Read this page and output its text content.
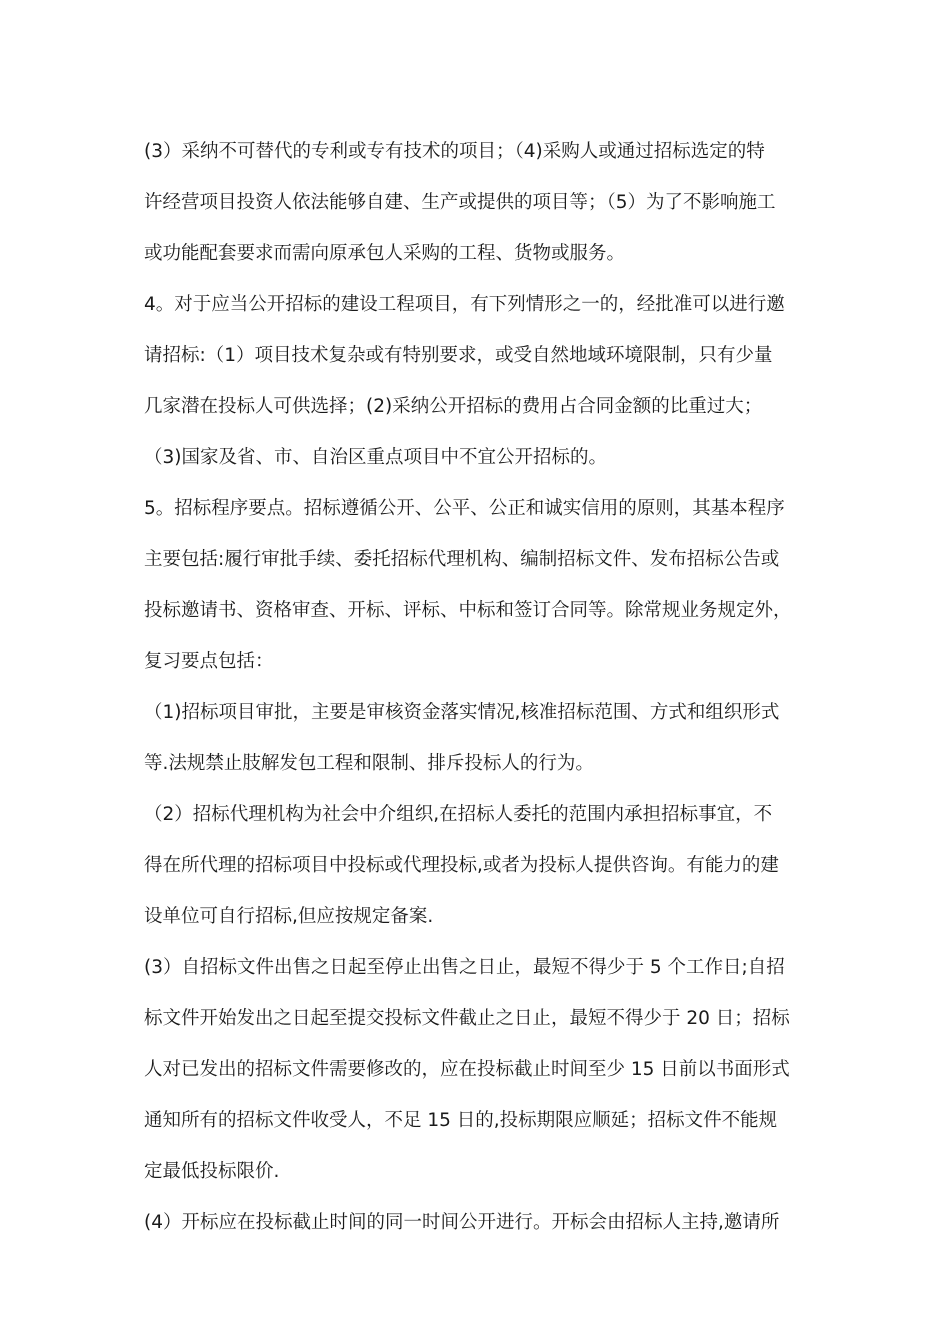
(3）采纳不可替代的专利或专有技术的项目；（4)采购人或通过招标选定的特
许经营项目投资人依法能够自建、生产或提供的项目等；（5）为了不影响施工
或功能配套要求而需向原承包人采购的工程、货物或服务。
4。对于应当公开招标的建设工程项目，有下列情形之一的，经批准可以进行邀
请招标:（1）项目技术复杂或有特别要求，或受自然地域环境限制，只有少量
几家潜在投标人可供选择；(2)采纳公开招标的费用占合同金额的比重过大；
（3)国家及省、市、自治区重点项目中不宜公开招标的。
5。招标程序要点。招标遵循公开、公平、公正和诚实信用的原则，其基本程序
主要包括:履行审批手续、委托招标代理机构、编制招标文件、发布招标公告或
投标邀请书、资格审查、开标、评标、中标和签订合同等。除常规业务规定外，
复习要点包括：
（1)招标项目审批，主要是审核资金落实情况,核准招标范围、方式和组织形式
等.法规禁止肢解发包工程和限制、排斥投标人的行为。
（2）招标代理机构为社会中介组织,在招标人委托的范围内承担招标事宜，不
得在所代理的招标项目中投标或代理投标,或者为投标人提供咨询。有能力的建
设单位可自行招标,但应按规定备案.
(3）自招标文件出售之日起至停止出售之日止，最短不得少于 5 个工作日;自招
标文件开始发出之日起至提交投标文件截止之日止，最短不得少于 20 日；招标
人对已发出的招标文件需要修改的，应在投标截止时间至少 15 日前以书面形式
通知所有的招标文件收受人，不足 15 日的,投标期限应顺延；招标文件不能规
定最低投标限价.
(4）开标应在投标截止时间的同一时间公开进行。开标会由招标人主持,邀请所
